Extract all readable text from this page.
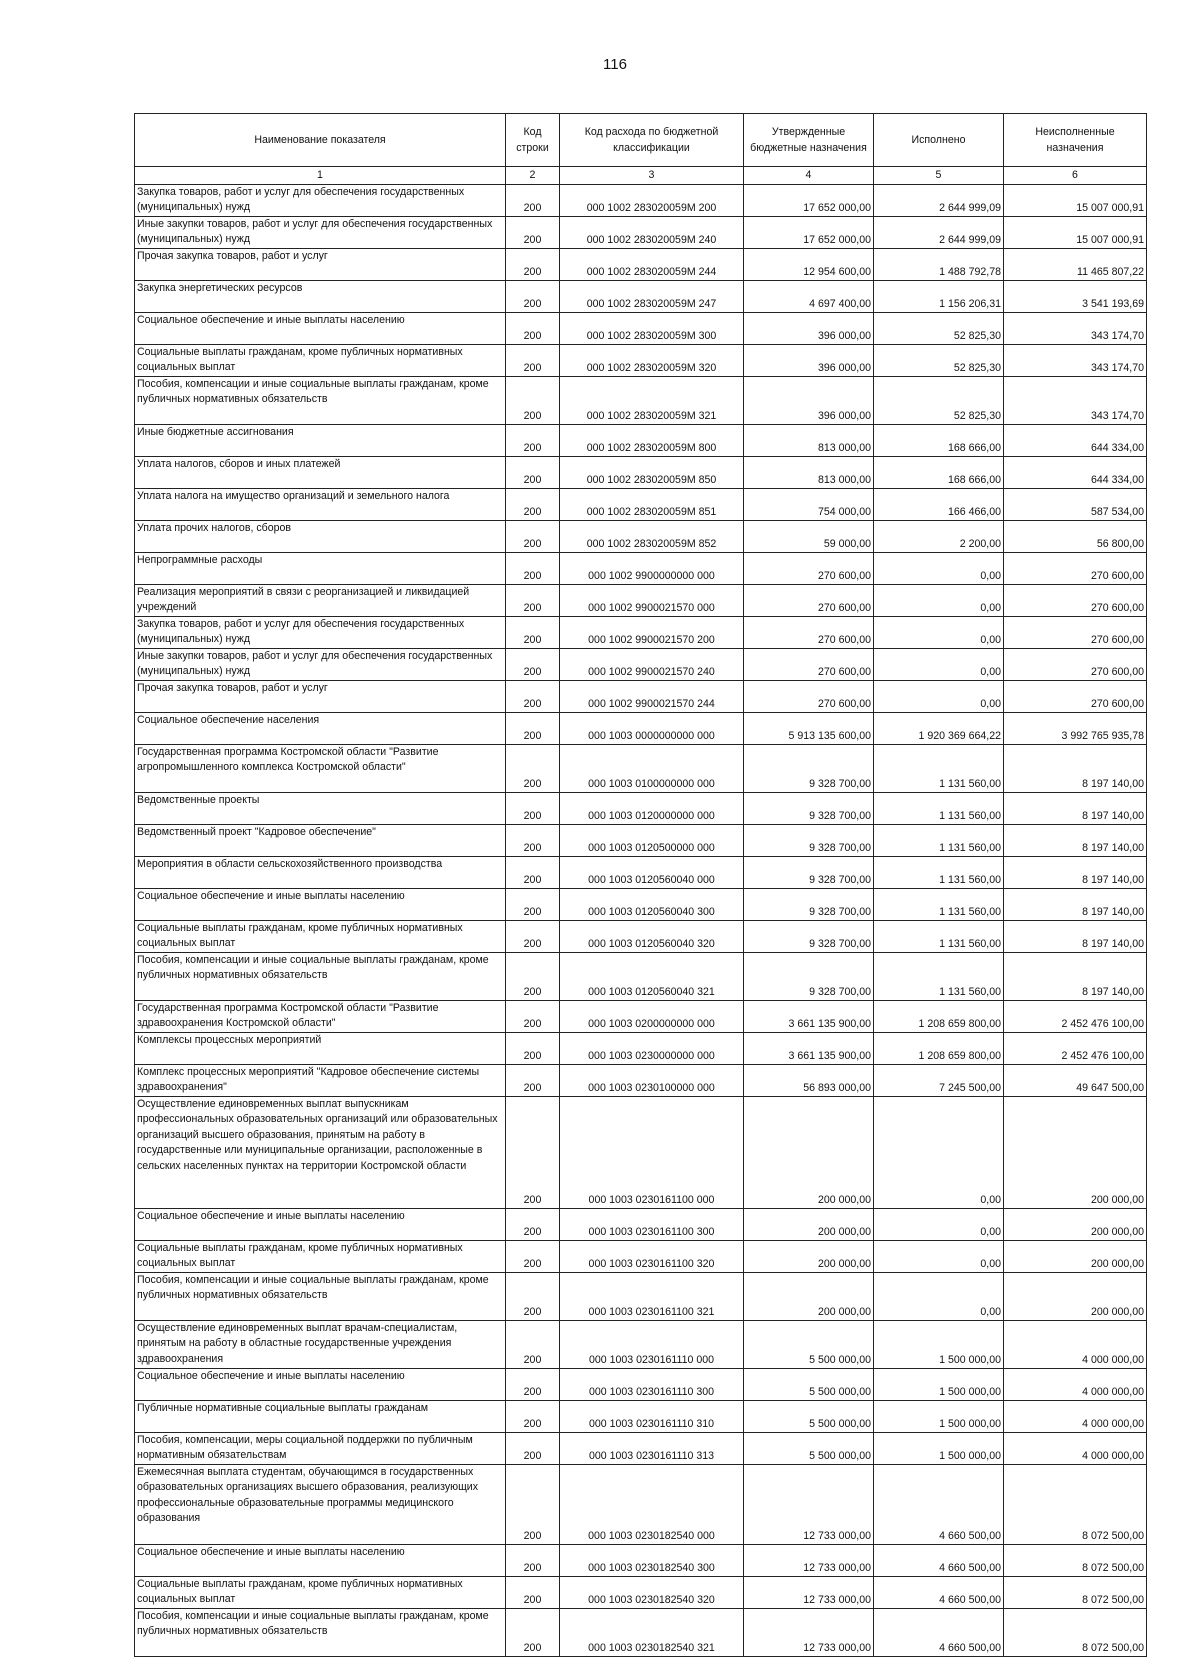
116
Наименование показателя	Код строки	Код расхода по бюджетной классификации	Утвержденные бюджетные назначения	Исполнено	Неисполненные назначения
1	2	3	4	5	6
Закупка товаров, работ и услуг для обеспечения государственных (муниципальных) нужд	200	000 1002 283020059М 200	17 652 000,00	2 644 999,09	15 007 000,91
Иные закупки товаров, работ и услуг для обеспечения государственных (муниципальных) нужд	200	000 1002 283020059М 240	17 652 000,00	2 644 999,09	15 007 000,91
Прочая закупка товаров, работ и услуг	200	000 1002 283020059М 244	12 954 600,00	1 488 792,78	11 465 807,22
Закупка энергетических ресурсов	200	000 1002 283020059М 247	4 697 400,00	1 156 206,31	3 541 193,69
Социальное обеспечение и иные выплаты населению	200	000 1002 283020059М 300	396 000,00	52 825,30	343 174,70
Социальные выплаты гражданам, кроме публичных нормативных социальных выплат	200	000 1002 283020059М 320	396 000,00	52 825,30	343 174,70
Пособия, компенсации и иные социальные выплаты гражданам, кроме публичных нормативных обязательств	200	000 1002 283020059М 321	396 000,00	52 825,30	343 174,70
Иные бюджетные ассигнования	200	000 1002 283020059М 800	813 000,00	168 666,00	644 334,00
Уплата налогов, сборов и иных платежей	200	000 1002 283020059М 850	813 000,00	168 666,00	644 334,00
Уплата налога на имущество организаций и земельного налога	200	000 1002 283020059М 851	754 000,00	166 466,00	587 534,00
Уплата прочих налогов, сборов	200	000 1002 283020059М 852	59 000,00	2 200,00	56 800,00
Непрограммные расходы	200	000 1002 9900000000 000	270 600,00	0,00	270 600,00
Реализация мероприятий в связи с реорганизацией и ликвидацией учреждений	200	000 1002 9900021570 000	270 600,00	0,00	270 600,00
Закупка товаров, работ и услуг для обеспечения государственных (муниципальных) нужд	200	000 1002 9900021570 200	270 600,00	0,00	270 600,00
Иные закупки товаров, работ и услуг для обеспечения государственных (муниципальных) нужд	200	000 1002 9900021570 240	270 600,00	0,00	270 600,00
Прочая закупка товаров, работ и услуг	200	000 1002 9900021570 244	270 600,00	0,00	270 600,00
Социальное обеспечение населения	200	000 1003 0000000000 000	5 913 135 600,00	1 920 369 664,22	3 992 765 935,78
Государственная программа Костромской области "Развитие агропромышленного комплекса Костромской области"	200	000 1003 0100000000 000	9 328 700,00	1 131 560,00	8 197 140,00
Ведомственные проекты	200	000 1003 0120000000 000	9 328 700,00	1 131 560,00	8 197 140,00
Ведомственный проект "Кадровое обеспечение"	200	000 1003 0120500000 000	9 328 700,00	1 131 560,00	8 197 140,00
Мероприятия в области сельскохозяйственного производства	200	000 1003 0120560040 000	9 328 700,00	1 131 560,00	8 197 140,00
Социальное обеспечение и иные выплаты населению	200	000 1003 0120560040 300	9 328 700,00	1 131 560,00	8 197 140,00
Социальные выплаты гражданам, кроме публичных нормативных социальных выплат	200	000 1003 0120560040 320	9 328 700,00	1 131 560,00	8 197 140,00
Пособия, компенсации и иные социальные выплаты гражданам, кроме публичных нормативных обязательств	200	000 1003 0120560040 321	9 328 700,00	1 131 560,00	8 197 140,00
Государственная программа Костромской области "Развитие здравоохранения Костромской области"	200	000 1003 0200000000 000	3 661 135 900,00	1 208 659 800,00	2 452 476 100,00
Комплексы процессных мероприятий	200	000 1003 0230000000 000	3 661 135 900,00	1 208 659 800,00	2 452 476 100,00
Комплекс процессных мероприятий "Кадровое обеспечение системы здравоохранения"	200	000 1003 0230100000 000	56 893 000,00	7 245 500,00	49 647 500,00
Осуществление единовременных выплат выпускникам профессиональных образовательных организаций или образовательных организаций высшего образования, принятым на работу в государственные или муниципальные организации, расположенные в сельских населенных пунктах на территории Костромской области	200	000 1003 0230161100 000	200 000,00	0,00	200 000,00
Социальное обеспечение и иные выплаты населению	200	000 1003 0230161100 300	200 000,00	0,00	200 000,00
Социальные выплаты гражданам, кроме публичных нормативных социальных выплат	200	000 1003 0230161100 320	200 000,00	0,00	200 000,00
Пособия, компенсации и иные социальные выплаты гражданам, кроме публичных нормативных обязательств	200	000 1003 0230161100 321	200 000,00	0,00	200 000,00
Осуществление единовременных выплат врачам-специалистам, принятым на работу в областные государственные учреждения здравоохранения	200	000 1003 0230161110 000	5 500 000,00	1 500 000,00	4 000 000,00
Социальное обеспечение и иные выплаты населению	200	000 1003 0230161110 300	5 500 000,00	1 500 000,00	4 000 000,00
Публичные нормативные социальные выплаты гражданам	200	000 1003 0230161110 310	5 500 000,00	1 500 000,00	4 000 000,00
Пособия, компенсации, меры социальной поддержки по публичным нормативным обязательствам	200	000 1003 0230161110 313	5 500 000,00	1 500 000,00	4 000 000,00
Ежемесячная выплата студентам, обучающимся в государственных образовательных организациях высшего образования, реализующих профессиональные образовательные программы медицинского образования	200	000 1003 0230182540 000	12 733 000,00	4 660 500,00	8 072 500,00
Социальное обеспечение и иные выплаты населению	200	000 1003 0230182540 300	12 733 000,00	4 660 500,00	8 072 500,00
Социальные выплаты гражданам, кроме публичных нормативных социальных выплат	200	000 1003 0230182540 320	12 733 000,00	4 660 500,00	8 072 500,00
Пособия, компенсации и иные социальные выплаты гражданам, кроме публичных нормативных обязательств	200	000 1003 0230182540 321	12 733 000,00	4 660 500,00	8 072 500,00
